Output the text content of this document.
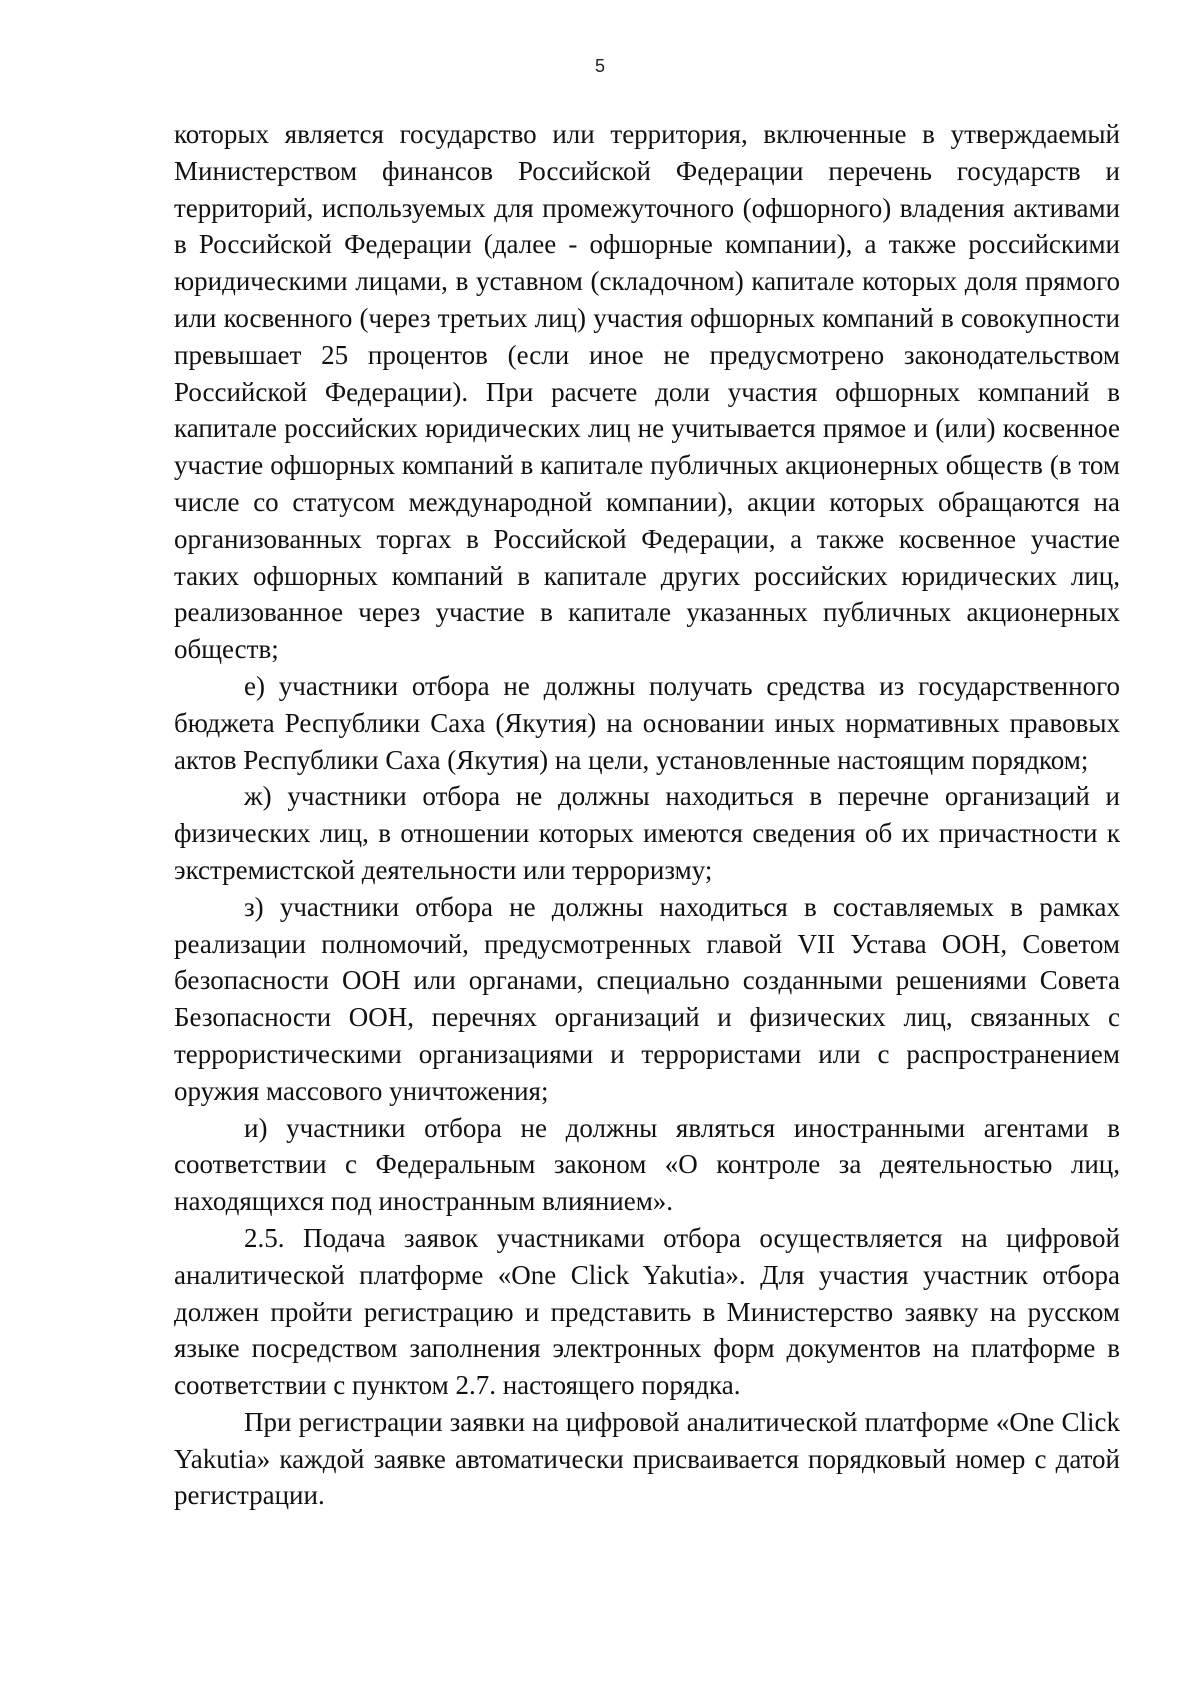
5

которых является государство или территория, включенные в утверждаемый Министерством финансов Российской Федерации перечень государств и территорий, используемых для промежуточного (офшорного) владения активами в Российской Федерации (далее - офшорные компании), а также российскими юридическими лицами, в уставном (складочном) капитале которых доля прямого или косвенного (через третьих лиц) участия офшорных компаний в совокупности превышает 25 процентов (если иное не предусмотрено законодательством Российской Федерации). При расчете доли участия офшорных компаний в капитале российских юридических лиц не учитывается прямое и (или) косвенное участие офшорных компаний в капитале публичных акционерных обществ (в том числе со статусом международной компании), акции которых обращаются на организованных торгах в Российской Федерации, а также косвенное участие таких офшорных компаний в капитале других российских юридических лиц, реализованное через участие в капитале указанных публичных акционерных обществ;

е) участники отбора не должны получать средства из государственного бюджета Республики Саха (Якутия) на основании иных нормативных правовых актов Республики Саха (Якутия) на цели, установленные настоящим порядком;

ж) участники отбора не должны находиться в перечне организаций и физических лиц, в отношении которых имеются сведения об их причастности к экстремистской деятельности или терроризму;

з) участники отбора не должны находиться в составляемых в рамках реализации полномочий, предусмотренных главой VII Устава ООН, Советом безопасности ООН или органами, специально созданными решениями Совета Безопасности ООН, перечнях организаций и физических лиц, связанных с террористическими организациями и террористами или с распространением оружия массового уничтожения;

и) участники отбора не должны являться иностранными агентами в соответствии с Федеральным законом «О контроле за деятельностью лиц, находящихся под иностранным влиянием».

2.5. Подача заявок участниками отбора осуществляется на цифровой аналитической платформе «One Click Yakutia». Для участия участник отбора должен пройти регистрацию и представить в Министерство заявку на русском языке посредством заполнения электронных форм документов на платформе в соответствии с пунктом 2.7. настоящего порядка.

При регистрации заявки на цифровой аналитической платформе «One Click Yakutia» каждой заявке автоматически присваивается порядковый номер с датой регистрации.
